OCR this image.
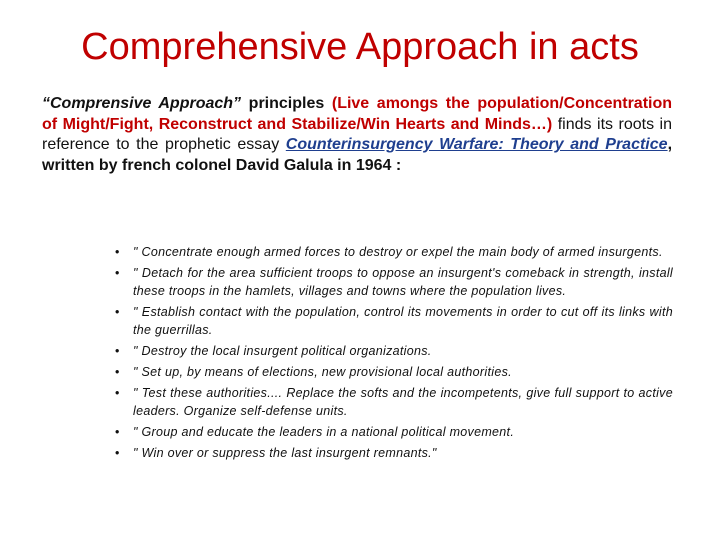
Comprehensive Approach in acts
“Comprensive Approach” principles (Live amongs the population/Concentration of Might/Fight, Reconstruct and Stabilize/Win Hearts and Minds…) finds its roots in reference to the prophetic essay Counterinsurgency Warfare: Theory and Practice, written by french colonel David Galula in 1964 :
• " Concentrate enough armed forces to destroy or expel the main body of armed insurgents.
• " Detach for the area sufficient troops to oppose an insurgent's comeback in strength, install these troops in the hamlets, villages and towns where the population lives.
• " Establish contact with the population, control its movements in order to cut off its links with the guerrillas.
• " Destroy the local insurgent political organizations.
• " Set up, by means of elections, new provisional local authorities.
• " Test these authorities.... Replace the softs and the incompetents, give full support to active leaders. Organize self-defense units.
• " Group and educate the leaders in a national political movement.
• " Win over or suppress the last insurgent remnants."
